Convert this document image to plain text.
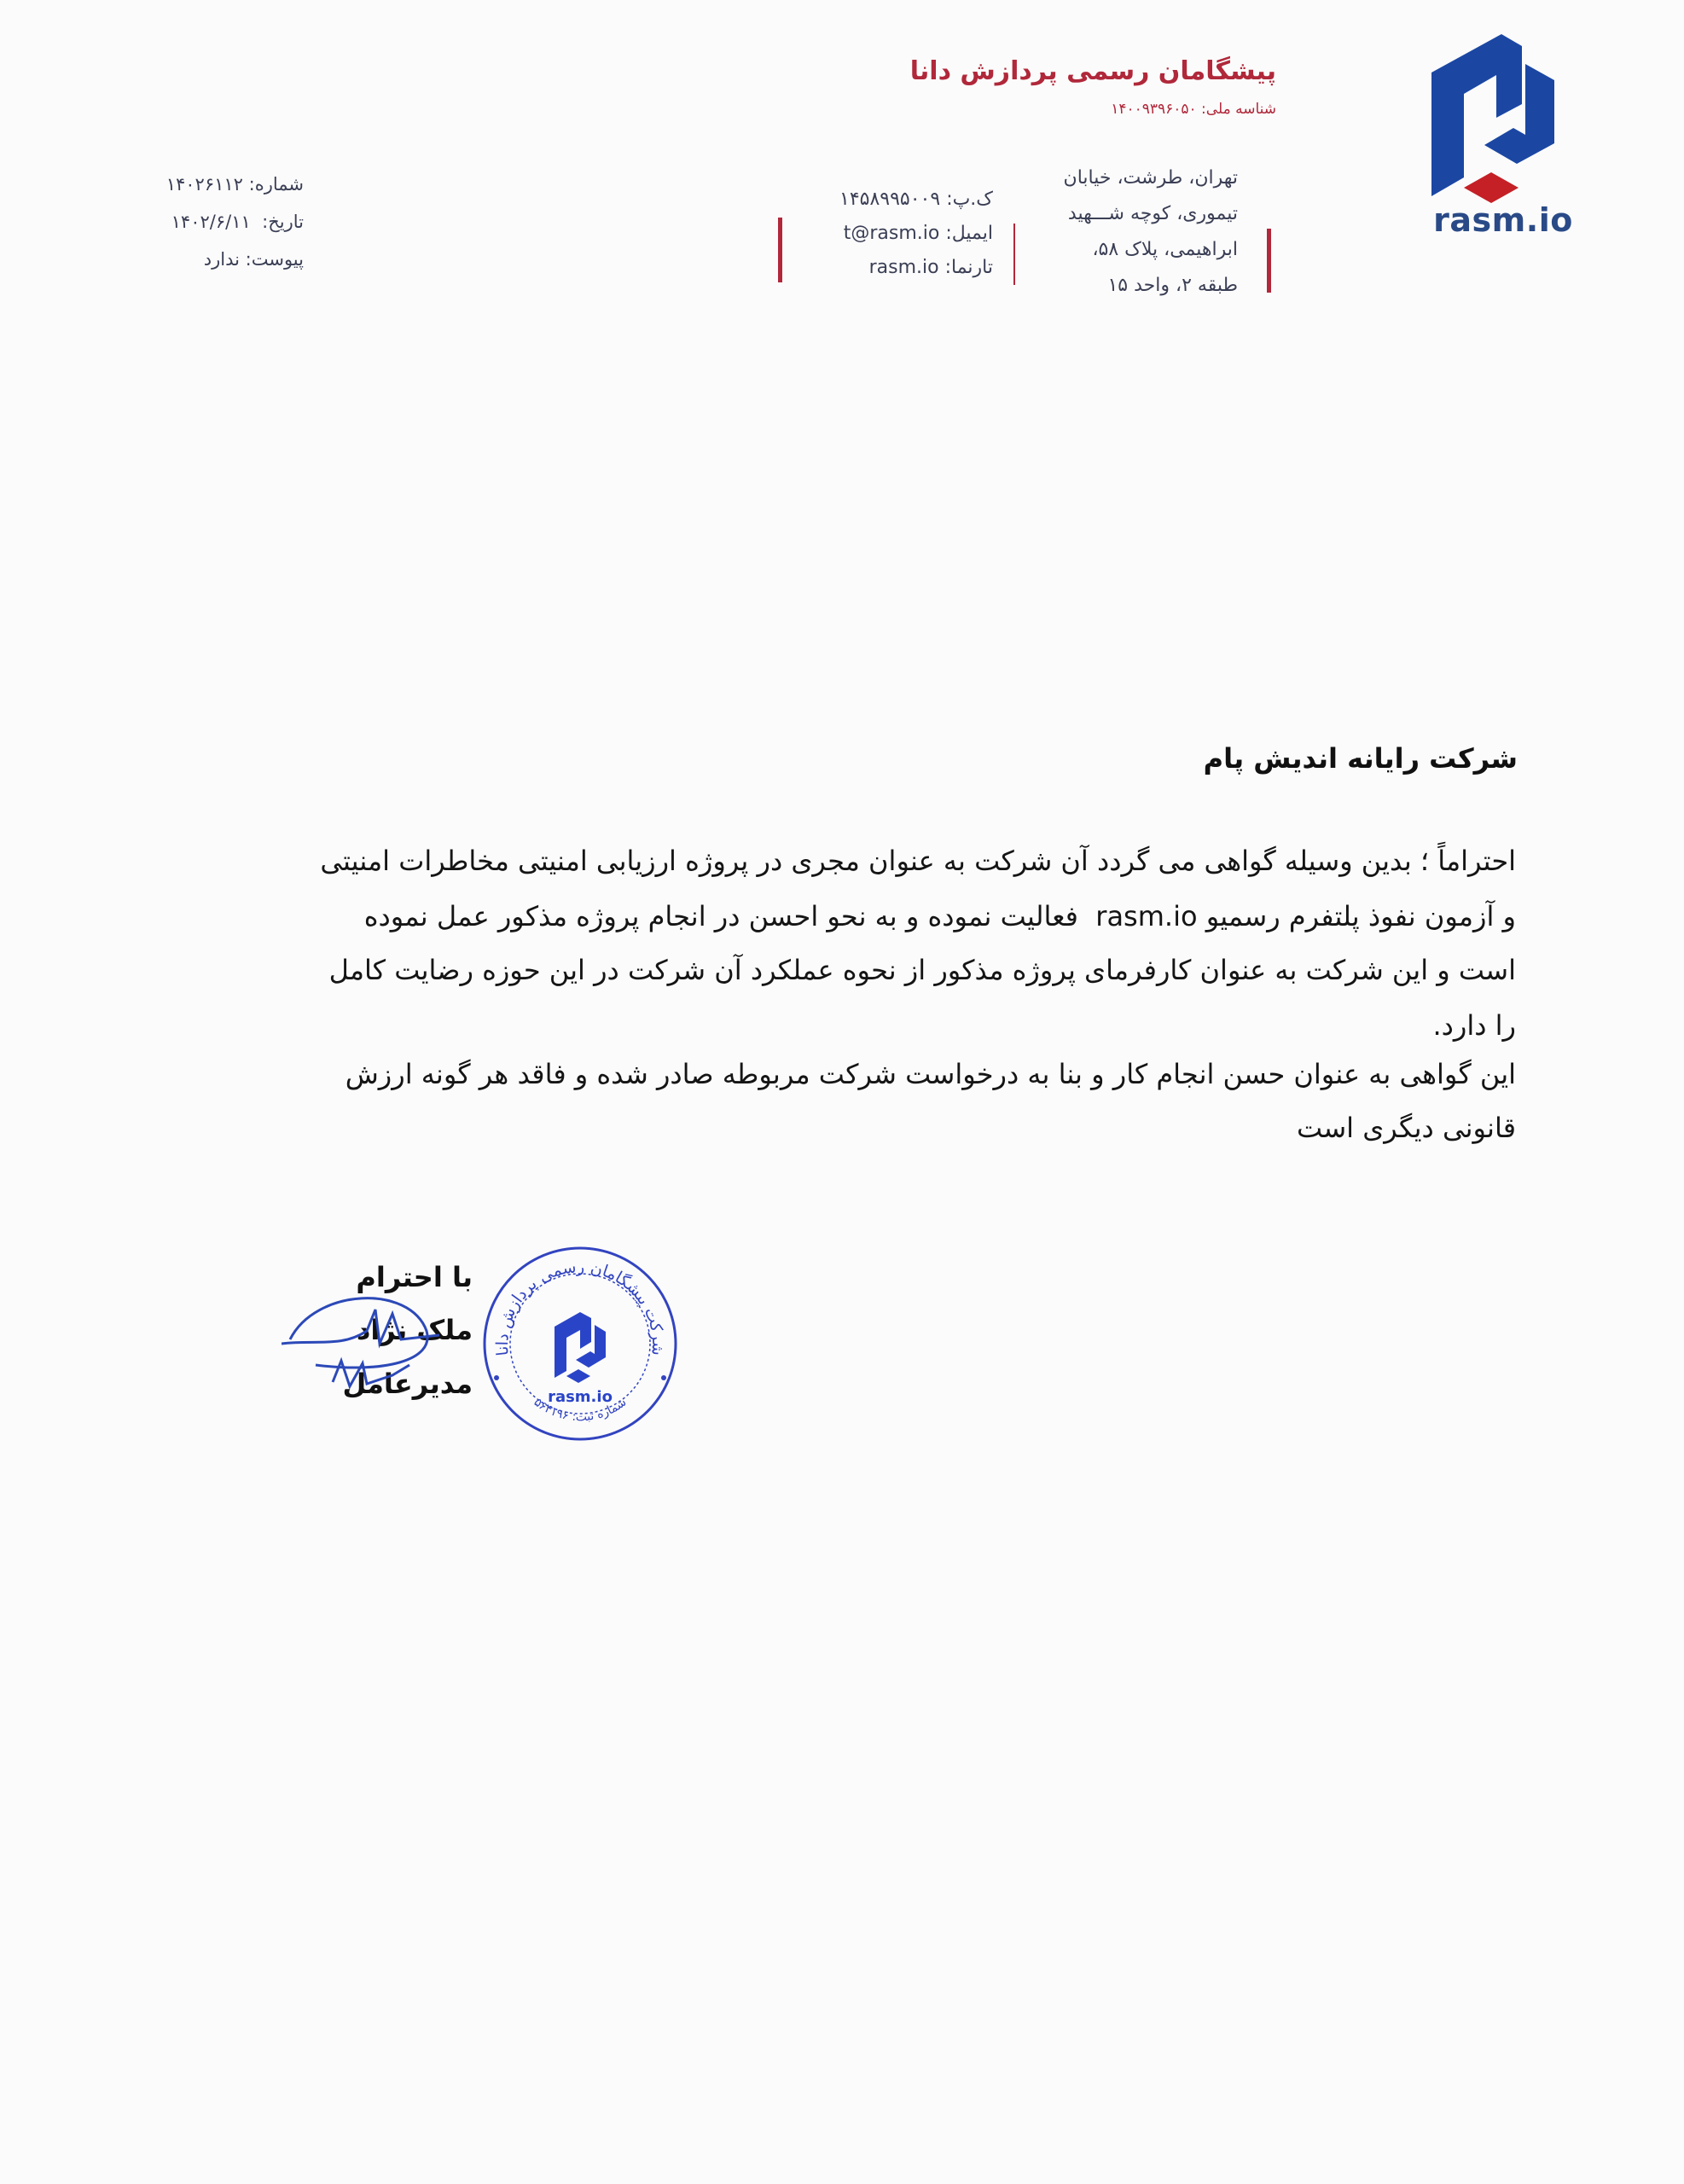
rasm.io
پیشگامان رسمی پردازش دانا
شناسه ملی: ۱۴۰۰۹۳۹۶۰۵۰
تهران، طرشت، خیابان
تیموری، کوچه شـــهید
ابراهیمی، پلاک ۵۸،
طبقه ۲، واحد ۱۵
ک.پ: ۱۴۵۸۹۹۵۰۰۹
ایمیل: t@rasm.io
تارنما: rasm.io
شماره: ۱۴۰۲۶۱۱۲
تاریخ:  ۱۴۰۲/۶/۱۱
پیوست: ندارد
شرکت رایانه اندیش پام
احتراماً ؛ بدین وسیله گواهی می گردد آن شرکت به عنوان مجری در پروژه ارزیابی امنیتی مخاطرات امنیتی
و آزمون نفوذ پلتفرم رسمیو rasm.io  فعالیت نموده و به نحو احسن در انجام پروژه مذکور عمل نموده
است و این شرکت به عنوان کارفرمای پروژه مذکور از نحوه عملکرد آن شرکت در این حوزه رضایت کامل
را دارد.
این گواهی به عنوان حسن انجام کار و بنا به درخواست شرکت مربوطه صادر شده و فاقد هر گونه ارزش
قانونی دیگری است
با احترام
ملک نژاد
مدیرعامل
شرکت پیشگامان رسمی پردازش دانا
rasm.io
شماره ثبت: ۵۶۴۱۹۶
